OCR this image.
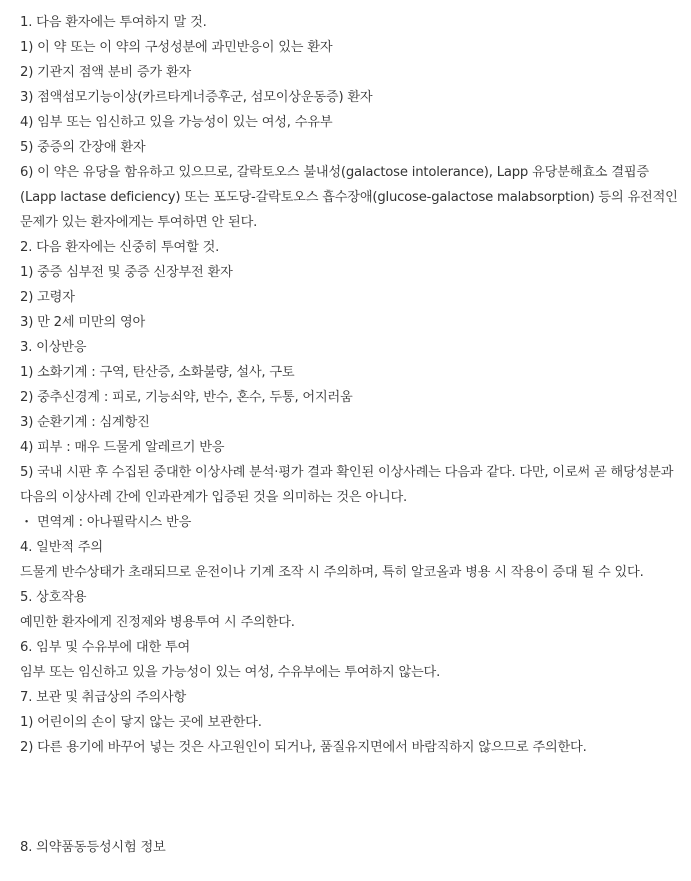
1. 다음 환자에는 투여하지 말 것.
1) 이 약 또는 이 약의 구성성분에 과민반응이 있는 환자
2) 기관지 점액 분비 증가 환자
3) 점액섬모기능이상(카르타게너증후군, 섬모이상운동증) 환자
4) 임부 또는 임신하고 있을 가능성이 있는 여성, 수유부
5) 중증의 간장애 환자
6) 이 약은 유당을 함유하고 있으므로, 갈락토오스 불내성(galactose intolerance), Lapp 유당분해효소 결핍증(Lapp lactase deficiency) 또는 포도당-갈락토오스 흡수장애(glucose-galactose malabsorption) 등의 유전적인 문제가 있는 환자에게는 투여하면 안 된다.
2. 다음 환자에는 신중히 투여할 것.
1) 중증 심부전 및 중증 신장부전 환자
2) 고령자
3) 만 2세 미만의 영아
3. 이상반응
1) 소화기계 : 구역, 탄산증, 소화불량, 설사, 구토
2) 중추신경계 : 피로, 기능쇠약, 반수, 혼수, 두통, 어지러움
3) 순환기계 : 심계항진
4) 피부 : 매우 드물게 알레르기 반응
5) 국내 시판 후 수집된 중대한 이상사례 분석·평가 결과 확인된 이상사례는 다음과 같다. 다만, 이로써 곧 해당성분과 다음의 이상사례 간에 인과관계가 입증된 것을 의미하는 것은 아니다.
・ 면역계 : 아나필락시스 반응
4. 일반적 주의
드물게 반수상태가 초래되므로 운전이나 기계 조작 시 주의하며, 특히 알코올과 병용 시 작용이 증대 될 수 있다.
5. 상호작용
예민한 환자에게 진정제와 병용투여 시 주의한다.
6. 임부 및 수유부에 대한 투여
임부 또는 임신하고 있을 가능성이 있는 여성, 수유부에는 투여하지 않는다.
7. 보관 및 취급상의 주의사항
1) 어린이의 손이 닿지 않는 곳에 보관한다.
2) 다른 용기에 바꾸어 넣는 것은 사고원인이 되거나, 품질유지면에서 바람직하지 않으므로 주의한다.
8. 의약품동등성시험 정보
